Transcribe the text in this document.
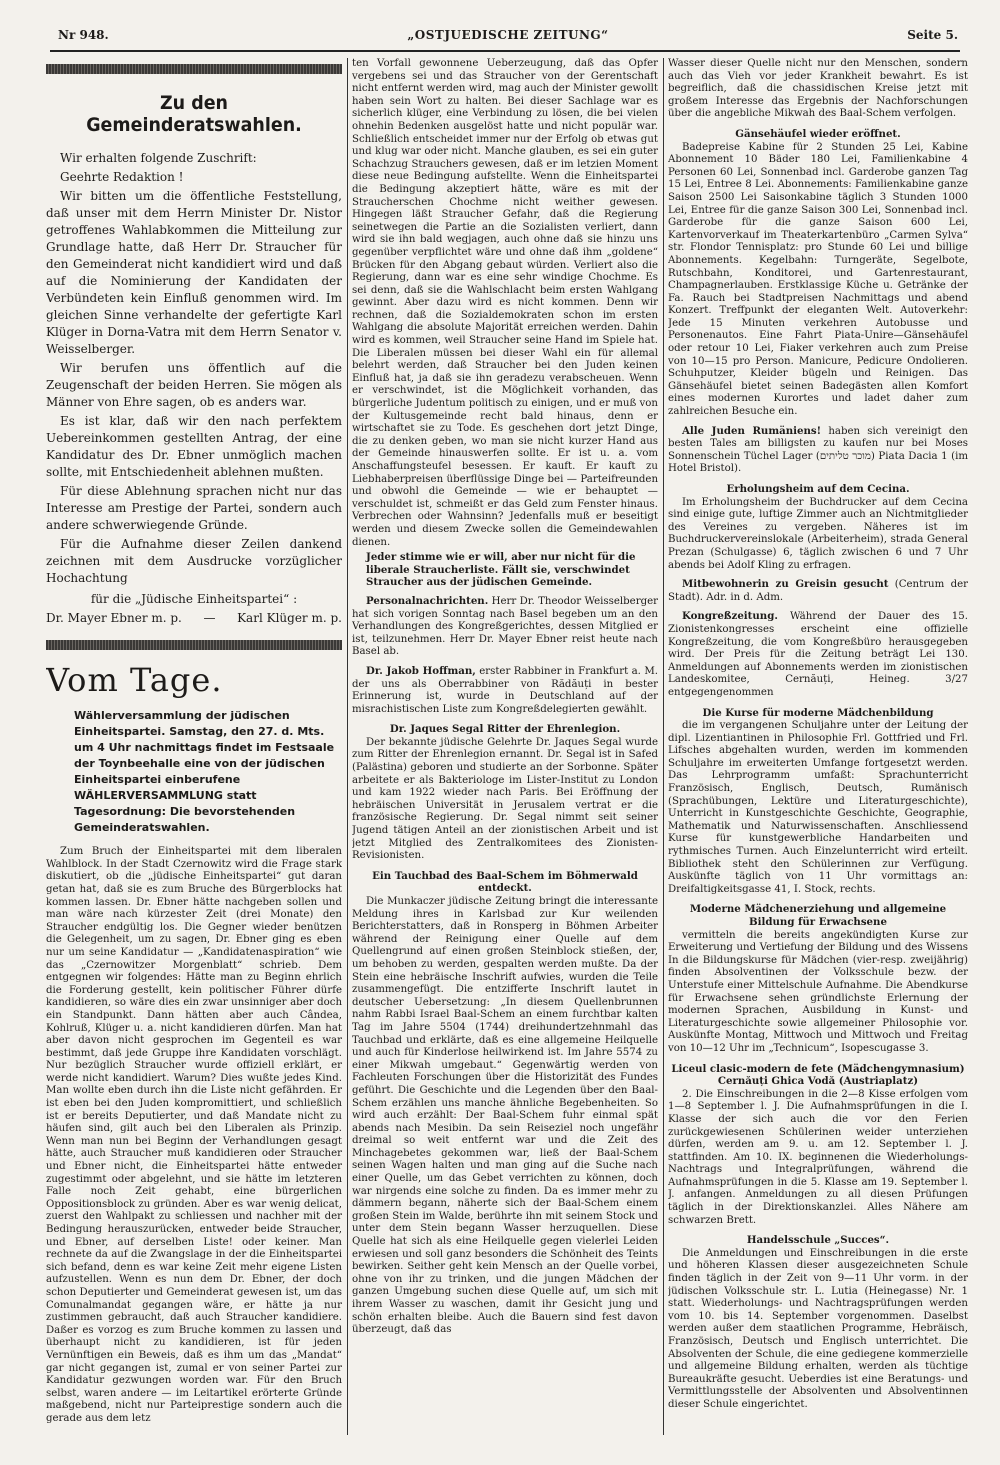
Nr 948.	„OSTJUEDISCHE ZEITUNG“	Seite 5.
Zu den Gemeinderatswahlen.

Wir erhalten folgende Zuschrift:

Geehrte Redaktion !

Wir bitten um die öffentliche Feststellung, daß unser mit dem Herrn Minister Dr. Nistor getroffenes Wahlabkommen die Mitteilung zur Grundlage hatte, daß Herr Dr. Straucher für den Gemeinderat nicht kandidiert wird und daß auf die Nominierung der Kandidaten der Verbündeten kein Einfluß genommen wird. Im gleichen Sinne verhandelte der gefertigte Karl Klüger in Dorna-Vatra mit dem Herrn Senator v. Weisselberger.

Wir berufen uns öffentlich auf die Zeugenschaft der beiden Herren. Sie mögen als Männer von Ehre sagen, ob es anders war.

Es ist klar, daß wir den nach perfektem Uebereinkommen gestellten Antrag, der eine Kandidatur des Dr. Ebner unmöglich machen sollte, mit Entschiedenheit ablehnen mußten.

Für diese Ablehnung sprachen nicht nur das Interesse am Prestige der Partei, sondern auch andere schwerwiegende Gründe.

Für die Aufnahme dieser Zeilen dankend zeichnen mit dem Ausdrucke vorzüglicher Hochachtung

für die „Jüdische Einheitspartei“ :
Dr. Mayer Ebner m. p. — Karl Klüger m. p.
Vom Tage.
Wählerversammlung der jüdischen Einheitspartei. Samstag, den 27. d. Mts. um 4 Uhr nachmittags findet im Festsaale der Toynbeehalle eine von der jüdischen Einheitspartei einberufene WÄHLERVERSAMMLUNG statt Tagesordnung: Die bevorstehenden Gemeinderatswahlen.

Zum Bruch der Einheitspartei mit dem liberalen Wahlblock. In der Stadt Czernowitz wird die Frage stark diskutiert, ob die „jüdische Einheitspartei“ gut daran getan hat, daß sie es zum Bruche des Bürgerblocks hat kommen lassen. Dr. Ebner hätte nachgeben sollen und man wäre nach kürzester Zeit (drei Monate) den Straucher endgültig los. Die Gegner wieder benützen die Gelegenheit, um zu sagen, Dr. Ebner ging es eben nur um seine Kandidatur — „Kandidatenaspiration“ wie das „Czernowitzer Morgenblatt“ schrieb. Dem entgegnen wir folgendes: Hätte man zu Beginn ehrlich die Forderung gestellt, kein politischer Führer dürfe kandidieren, so wäre dies ein zwar unsinniger aber doch ein Standpunkt. Dann hätten aber auch Cândea, Kohlruß, Klüger u. a. nicht kandidieren dürfen. Man hat aber davon nicht gesprochen im Gegenteil es war bestimmt, daß jede Gruppe ihre Kandidaten vorschlägt. Nur bezüglich Straucher wurde offiziell erklärt, er werde nicht kandidiert. Warum? Dies wußte jedes Kind. Man wollte eben durch ihn die Liste nicht gefährden. Er ist eben bei den Juden kompromittiert, und schließlich ist er bereits Deputierter, und daß Mandate nicht zu häufen sind, gilt auch bei den Liberalen als Prinzip. Wenn man nun bei Beginn der Verhandlungen gesagt hätte, auch Straucher muß kandidieren oder Straucher und Ebner nicht, die Einheitspartei hätte entweder zugestimmt oder abgelehnt, und sie hätte im letzteren Falle noch Zeit gehabt, eine bürgerlichen Oppositionsblock zu gründen. Aber es war wenig delicat, zuerst den Wahlpakt zu schliessen und nachher mit der Bedingung herauszurücken, entweder beide Straucher, und Ebner, auf derselben Liste! oder keiner. Man rechnete da auf die Zwangslage in der die Einheitspartei sich befand, denn es war keine Zeit mehr eigene Listen aufzustellen. Wenn es nun dem Dr. Ebner, der doch schon Deputierter und Gemeinderat gewesen ist, um das Comunalmandat gegangen wäre, er hätte ja nur zustimmen gebraucht, daß auch Straucher kandidiere. Daßer es vorzog es zum Bruche kommen zu lassen und überhaupt nicht zu kandidieren, ist für jeden Vernünftigen ein Beweis, daß es ihm um das „Mandat“ gar nicht gegangen ist, zumal er von seiner Partei zur Kandidatur gezwungen worden war. Für den Bruch selbst, waren andere — im Leitartikel erörterte Gründe maßgebend, nicht nur Parteiprestige sondern auch die gerade aus dem letz

ten Vorfall gewonnene Ueberzeugung, daß das Opfer vergebens sei und das Straucher von der Gerentschaft nicht entfernt werden wird, mag auch der Minister gewollt haben sein Wort zu halten. Bei dieser Sachlage war es sicherlich klüger, eine Verbindung zu lösen, die bei vielen ohnehin Bedenken ausgelöst hatte und nicht populär war. Schließlich entscheidet immer nur der Erfolg ob etwas gut und klug war oder nicht. Manche glauben, es sei ein guter Schachzug Strauchers gewesen, daß er im letzien Moment diese neue Bedingung aufstellte. Wenn die Einheitspartei die Bedingung akzeptiert hätte, wäre es mit der Straucherschen Chochme nicht weither gewesen. Hingegen läßt Straucher Gefahr, daß die Regierung seinetwegen die Partie an die Sozialisten verliert, dann wird sie ihn bald wegjagen, auch ohne daß sie hinzu uns gegenüber verpflichtet wäre und ohne daß ihm „goldene“ Brücken für den Abgang gebaut würden. Verliert also die Regierung, dann war es eine sehr windige Chochme. Es sei denn, daß sie die Wahlschlacht beim ersten Wahlgang gewinnt. Aber dazu wird es nicht kommen. Denn wir rechnen, daß die Sozialdemokraten schon im ersten Wahlgang die absolute Majorität erreichen werden. Dahin wird es kommen, weil Straucher seine Hand im Spiele hat. Die Liberalen müssen bei dieser Wahl ein für allemal belehrt werden, daß Straucher bei den Juden keinen Einfluß hat, ja daß sie ihn geradezu verabscheuen. Wenn er verschwindet, ist die Möglichkeit vorhanden, das bürgerliche Judentum politisch zu einigen, und er muß von der Kultusgemeinde recht bald hinaus, denn er wirtschaftet sie zu Tode. Es geschehen dort jetzt Dinge, die zu denken geben, wo man sie nicht kurzer Hand aus der Gemeinde hinauswerfen sollte. Er ist u. a. vom Anschaffungsteufel besessen. Er kauft. Er kauft zu Liebhaberpreisen überflüssige Dinge bei — Parteifreunden und obwohl die Gemeinde — wie er behauptet — verschuldet ist, schmeißt er das Geld zum Fenster hinaus. Verbrechen oder Wahnsinn? Jedenfalls muß er beseitigt werden und diesem Zwecke sollen die Gemeindewahlen dienen.

Jeder stimme wie er will, aber nur nicht für die liberale Straucherliste. Fällt sie, verschwindet Straucher aus der jüdischen Gemeinde.

Personalnachrichten. Herr Dr. Theodor Weisselberger hat sich vorigen Sonntag nach Basel begeben um an den Verhandlungen des Kongreßgerichtes, dessen Mitglied er ist, teilzunehmen. Herr Dr. Mayer Ebner reist heute nach Basel ab.

Dr. Jakob Hoffman, erster Rabbiner in Frankfurt a. M. der uns als Oberrabbiner von Rădăuți in bester Erinnerung ist, wurde in Deutschland auf der misrachistischen Liste zum Kongreßdelegierten gewählt.

Dr. Jaques Segal Ritter der Ehrenlegion.

Der bekannte jüdische Gelehrte Dr. Jaques Segal wurde zum Ritter der Ehrenlegion ernannt. Dr. Segal ist in Safed (Palästina) geboren und studierte an der Sorbonne. Später arbeitete er als Bakteriologe im Lister-Institut zu London und kam 1922 wieder nach Paris. Bei Eröffnung der hebräischen Universität in Jerusalem vertrat er die französische Regierung. Dr. Segal nimmt seit seiner Jugend tätigen Anteil an der zionistischen Arbeit und ist jetzt Mitglied des Zentralkomitees des Zionisten-Revisionisten.

Ein Tauchbad des Baal-Schem im Böhmerwald entdeckt.

Die Munkaczer jüdische Zeitung bringt die interessante Meldung ihres in Karlsbad zur Kur weilenden Berichterstatters, daß in Ronsperg in Böhmen Arbeiter während der Reinigung einer Quelle auf dem Quellengrund auf einen großen Steinblock stießen, der, um behoben zu werden, gespalten werden mußte. Da der Stein eine hebräische Inschrift aufwies, wurden die Teile zusammengefügt. Die entzifferte Inschrift lautet in deutscher Uebersetzung: „In diesem Quellenbrunnen nahm Rabbi Israel Baal-Schem an einem furchtbar kalten Tag im Jahre 5504 (1744) dreihundertzehnmahl das Tauchbad und erklärte, daß es eine allgemeine Heilquelle und auch für Kinderlose heilwirkend ist. Im Jahre 5574 zu einer Mikwah umgebaut.“ Gegenwärtig werden von Fachleuten Forschungen über die Historizität des Fundes geführt. Die Geschichte und die Legenden über den Baal-Schem erzählen uns manche ähnliche Begebenheiten. So wird auch erzählt: Der Baal-Schem fuhr einmal spät abends nach Mesibin. Da sein Reiseziel noch ungefähr dreimal so weit entfernt war und die Zeit des Minchagebetes gekommen war, ließ der Baal-Schem seinen Wagen halten und man ging auf die Suche nach einer Quelle, um das Gebet verrichten zu können, doch war nirgends eine solche zu finden. Da es immer mehr zu dämmern begann, näherte sich der Baal-Schem einem großen Stein im Walde, berührte ihn mit seinem Stock und unter dem Stein begann Wasser herzuquellen. Diese Quelle hat sich als eine Heilquelle gegen vielerlei Leiden erwiesen und soll ganz besonders die Schönheit des Teints bewirken. Seither geht kein Mensch an der Quelle vorbei, ohne von ihr zu trinken, und die jungen Mädchen der ganzen Umgebung suchen diese Quelle auf, um sich mit ihrem Wasser zu waschen, damit ihr Gesicht jung und schön erhalten bleibe. Auch die Bauern sind fest davon überzeugt, daß das

Wasser dieser Quelle nicht nur den Menschen, sondern auch das Vieh vor jeder Krankheit bewahrt. Es ist begreiflich, daß die chassidischen Kreise jetzt mit großem Interesse das Ergebnis der Nachforschungen über die angebliche Mikwah des Baal-Schem verfolgen.

Gänsehäufel wieder eröffnet.

Badepreise Kabine für 2 Stunden 25 Lei, Kabine Abonnement 10 Bäder 180 Lei, Familienkabine 4 Personen 60 Lei, Sonnenbad incl. Garderobe ganzen Tag 15 Lei, Entree 8 Lei. Abonnements: Familienkabine ganze Saison 2500 Lei Saisonkabine täglich 3 Stunden 1000 Lei, Entree für die ganze Saison 300 Lei, Sonnenbad incl. Garderobe für die ganze Saison 600 Lei, Kartenvorverkauf im Theaterkartenbüro „Carmen Sylva“ str. Flondor Tennisplatz: pro Stunde 60 Lei und billige Abonnements. Kegelbahn: Turngeräte, Segelbote, Rutschbahn, Konditorei, und Gartenrestaurant, Champagnerlauben. Erstklassige Küche u. Getränke der Fa. Rauch bei Stadtpreisen Nachmittags und abend Konzert. Treffpunkt der eleganten Welt. Autoverkehr: Jede 15 Minuten verkehren Autobusse und Personenautos. Eine Fahrt Piata-Unire—Gänsehäufel oder retour 10 Lei, Fiaker verkehren auch zum Preise von 10—15 pro Person. Manicure, Pedicure Ondolieren. Schuhputzer, Kleider bügeln und Reinigen. Das Gänsehäufel bietet seinen Badegästen allen Komfort eines modernen Kurortes und ladet daher zum zahlreichen Besuche ein.

Alle Juden Rumäniens! haben sich vereinigt den besten Tales am billigsten zu kaufen nur bei Moses Sonnenschein Tüchel Lager (מוכר טליתים) Piata Dacia 1 (im Hotel Bristol).

Erholungsheim auf dem Cecina.

Im Erholungsheim der Buchdrucker auf dem Cecina sind einige gute, luftige Zimmer auch an Nichtmitglieder des Vereines zu vergeben. Näheres ist im Buchdruckervereinslokale (Arbeiterheim), strada General Prezan (Schulgasse) 6, täglich zwischen 6 und 7 Uhr abends bei Adolf Kling zu erfragen.

Mitbewohnerin zu Greisin gesucht (Centrum der Stadt). Adr. in d. Adm.

Kongreßzeitung. Während der Dauer des 15. Zionistenkongresses erscheint eine offizielle Kongreßzeitung, die vom Kongreßbüro herausgegeben wird. Der Preis für die Zeitung beträgt Lei 130. Anmeldungen auf Abonnements werden im zionistischen Landeskomitee, Cernăuți, Heineg. 3/27 entgegengenommen

Die Kurse für moderne Mädchenbildung

die im vergangenen Schuljahre unter der Leitung der dipl. Lizentiantinen in Philosophie Frl. Gottfried und Frl. Lifsches abgehalten wurden, werden im kommenden Schuljahre im erweiterten Umfange fortgesetzt werden. Das Lehrprogramm umfaßt: Sprachunterricht Französisch, Englisch, Deutsch, Rumänisch (Sprachübungen, Lektüre und Literaturgeschichte), Unterricht in Kunstgeschichte Geschichte, Geographie, Mathematik und Naturwissenschaften. Anschliessend Kurse für kunstgewerbliche Handarbeiten und rythmisches Turnen. Auch Einzelunterricht wird erteilt. Bibliothek steht den Schülerinnen zur Verfügung. Auskünfte täglich von 11 Uhr vormittags an: Dreifaltigkeitsgasse 41, I. Stock, rechts.

Moderne Mädchenerziehung und allgemeine Bildung für Erwachsene

vermitteln die bereits angekündigten Kurse zur Erweiterung und Vertiefung der Bildung und des Wissens In die Bildungskurse für Mädchen (vier-resp. zweijährig) finden Absolventinen der Volksschule bezw. der Unterstufe einer Mittelschule Aufnahme. Die Abendkurse für Erwachsene sehen gründlichste Erlernung der modernen Sprachen, Ausbildung in Kunst- und Literaturgeschichte sowie allgemeiner Philosophie vor. Auskünfte Montag, Mittwoch und Mittwoch und Freitag von 10—12 Uhr im „Technicum“, Isopescugasse 3.

Liceul clasic-modern de fete (Mädchengymnasium) Cernăuți Ghica Vodă (Austriaplatz)

2. Die Einschreibungen in die 2—8 Kisse erfolgen vom 1—8 September l. J. Die Aufnahmsprüfungen in die I. Klasse der sich auch die vor den Ferien zurückgewiesenen Schülerinen weider unterziehen dürfen, werden am 9. u. am 12. September l. J. stattfinden. Am 10. IX. beginnenen die Wiederholungs-Nachtrags und Integralprüfungen, während die Aufnahmsprüfungen in die 5. Klasse am 19. September l. J. anfangen. Anmeldungen zu all diesen Prüfungen täglich in der Direktionskanzlei. Alles Nähere am schwarzen Brett.

Handelsschule „Succes“.

Die Anmeldungen und Einschreibungen in die erste und höheren Klassen dieser ausgezeichneten Schule finden täglich in der Zeit von 9—11 Uhr vorm. in der jüdischen Volksschule str. L. Lutia (Heinegasse) Nr. 1 statt. Wiederholungs- und Nachtragsprüfungen werden vom 10. bis 14. September vorgenommen. Daselbst werden außer dem staatlichen Programme, Hebräisch, Französisch, Deutsch und Englisch unterrichtet. Die Absolventen der Schule, die eine gediegene kommerzielle und allgemeine Bildung erhalten, werden als tüchtige Bureaukräfte gesucht. Ueberdies ist eine Beratungs- und Vermittlungsstelle der Absolventen und Absolventinnen dieser Schule eingerichtet.
